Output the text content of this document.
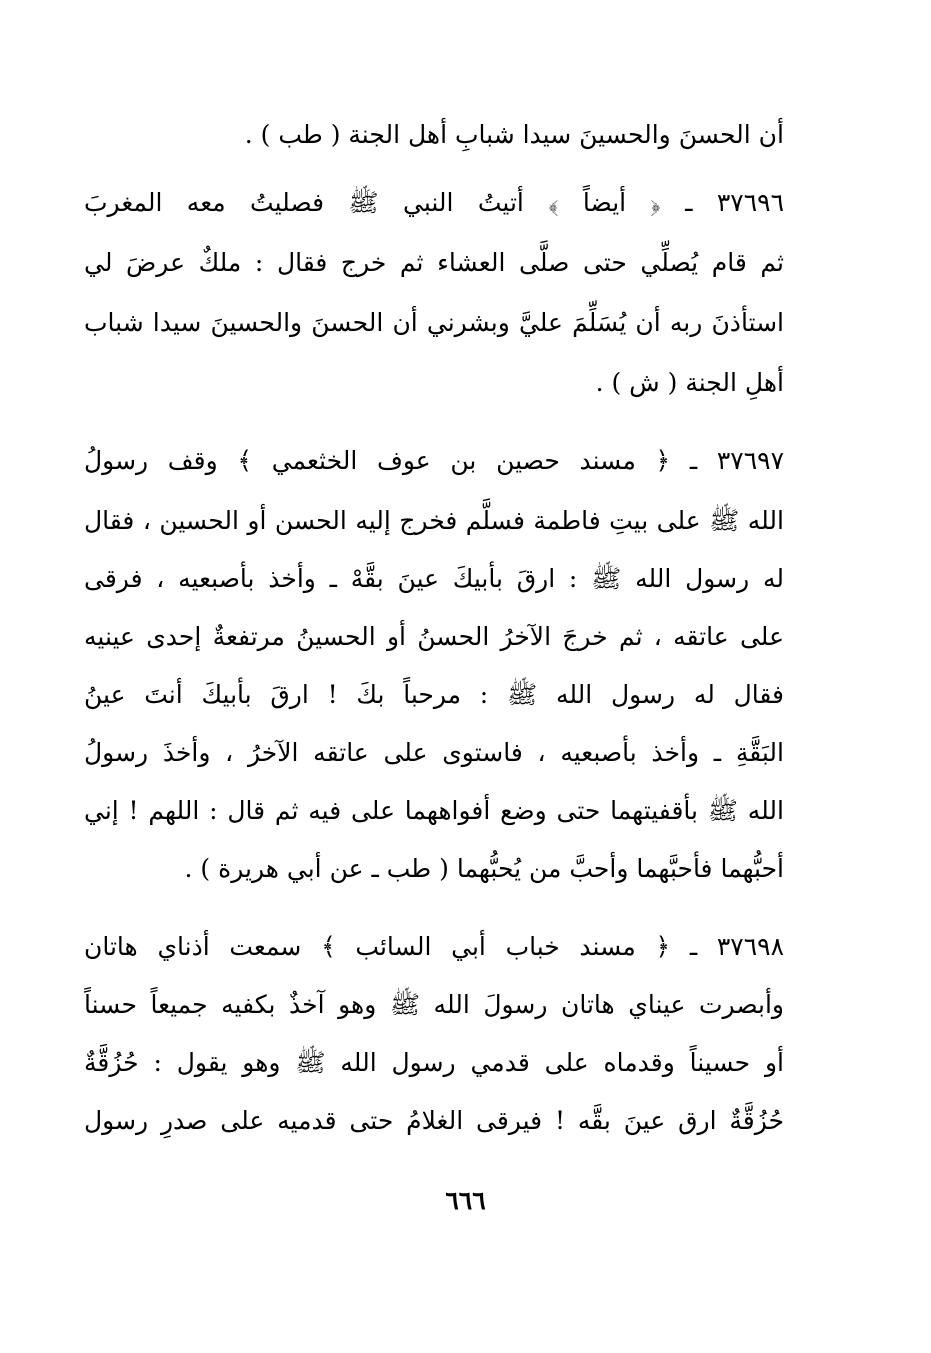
أن الحسنَ والحسينَ سيدا شبابِ أهل الجنة ( طب ) .
٣٧٦٩٦ ـ ﴿ أيضاً ﴾ أتيتُ النبي ﷺ فصليتُ معه المغربَ
ثم قام يُصلِّي حتى صلَّى العشاء ثم خرج فقال : ملكٌ عرضَ لي
استأذنَ ربه أن يُسَلِّمَ عليَّ وبشرني أن الحسنَ والحسينَ سيدا شباب
أهلِ الجنة ( ش ) .
٣٧٦٩٧ ـ ﴿ مسند حصين بن عوف الخثعمي ﴾ وقف رسولُ
الله ﷺ على بيتِ فاطمة فسلَّم فخرج إليه الحسن أو الحسين ، فقال
له رسول الله ﷺ : ارقَ بأبيكَ عينَ بقَّهْ ـ وأخذ بأصبعيه ، فرقى
على عاتقه ، ثم خرجَ الآخرُ الحسنُ أو الحسينُ مرتفعةٌ إحدى عينيه
فقال له رسول الله ﷺ : مرحباً بكَ ! ارقَ بأبيكَ أنتَ عينُ
البَقَّةِ ـ وأخذ بأصبعيه ، فاستوى على عاتقه الآخرُ ، وأخذَ رسولُ
الله ﷺ بأقفيتهما حتى وضع أفواههما على فيه ثم قال : اللهم ! إني
أحبُّهما فأحبَّهما وأحبَّ من يُحبُّهما ( طب ـ عن أبي هريرة ) .
٣٧٦٩٨ ـ ﴿ مسند خباب أبي السائب ﴾ سمعت أذناي هاتان
وأبصرت عيناي هاتان رسولَ الله ﷺ وهو آخذٌ بكفيه جميعاً حسناً
أو حسيناً وقدماه على قدمي رسول الله ﷺ وهو يقول : حُزُقَّةٌ
حُزُقَّةٌ ارق عينَ بقَّه ! فيرقى الغلامُ حتى قدميه على صدرِ رسول
٦٦٦
